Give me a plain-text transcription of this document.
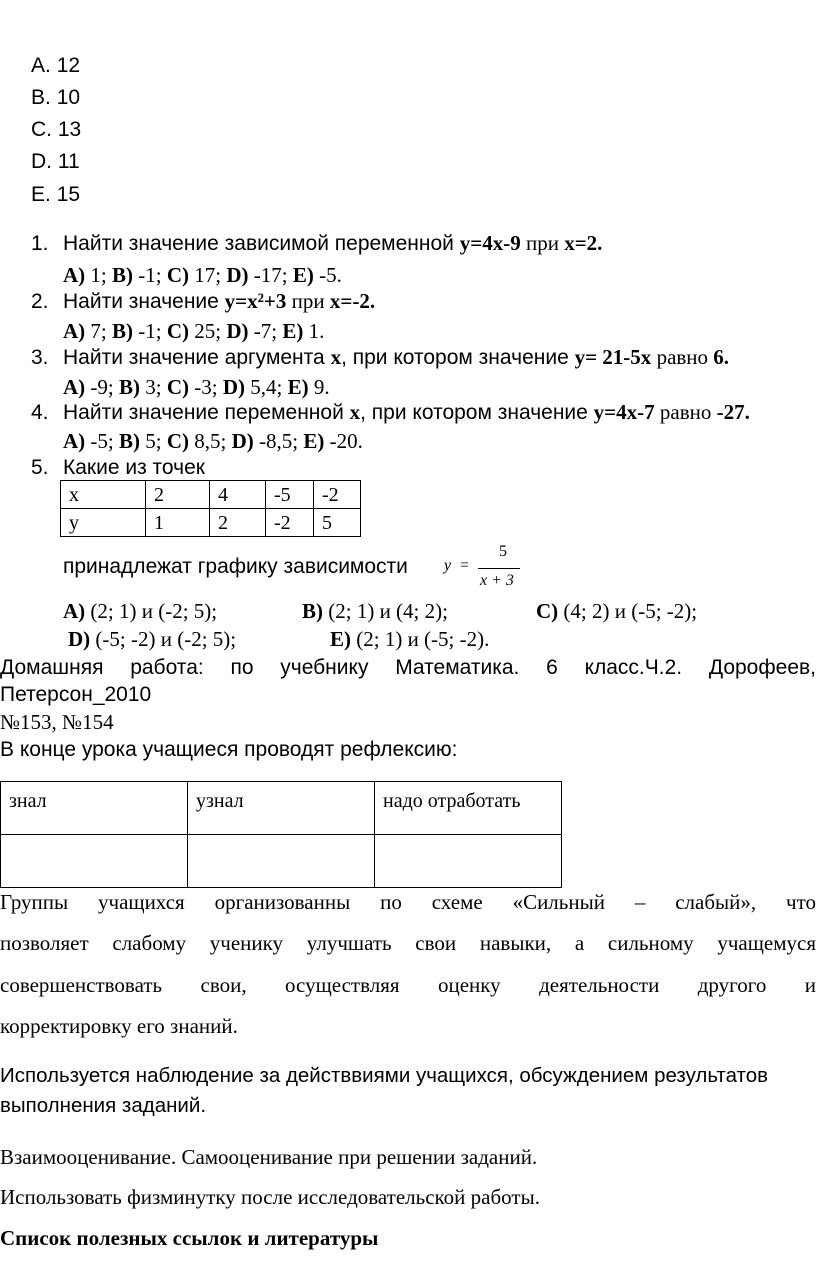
A. 12
B. 10
C. 13
D. 11
E. 15
1. Найти значение зависимой переменной y=4x-9 при x=2.
A) 1; B) -1; C) 17; D) -17; E) -5.
2. Найти значение y=x²+3 при x=-2.
A) 7; B) -1; C) 25; D) -7; E) 1.
3. Найти значение аргумента x, при котором значение y= 21-5x равно 6.
A) -9; B) 3; C) -3; D) 5,4; E) 9.
4. Найти значение переменной x, при котором значение y=4x-7 равно -27.
A) -5; B) 5; C) 8,5; D) -8,5; E) -20.
5. Какие из точек
x	2	4	-5	-2
y	1	2	-2	5
принадлежат графику зависимости y =
5
x + 3
A) (2; 1) и (-2; 5);	B) (2; 1) и (4; 2);	C) (4; 2) и (-5; -2);
D) (-5; -2) и (-2; 5);	E) (2; 1) и (-5; -2).
Домашняя работа: по учебнику Математика. 6 класс.Ч.2. Дорофеев,
Петерсон_2010
№153, №154
В конце урока учащиеся проводят рефлексию:
знал	узнал	надо отработать

Группы учащихся организованны по схеме «Сильный – слабый», что
позволяет слабому ученику улучшать свои навыки, а сильному учащемуся
совершенствовать свои, осуществляя оценку деятельности другого и
корректировку его знаний.
Используется наблюдение за действвиями учащихся, обсуждением результатов
выполнения заданий.
Взаимооценивание. Самооценивание при решении заданий.
Использовать физминутку после исследовательской работы.
Список полезных ссылок и литературы
